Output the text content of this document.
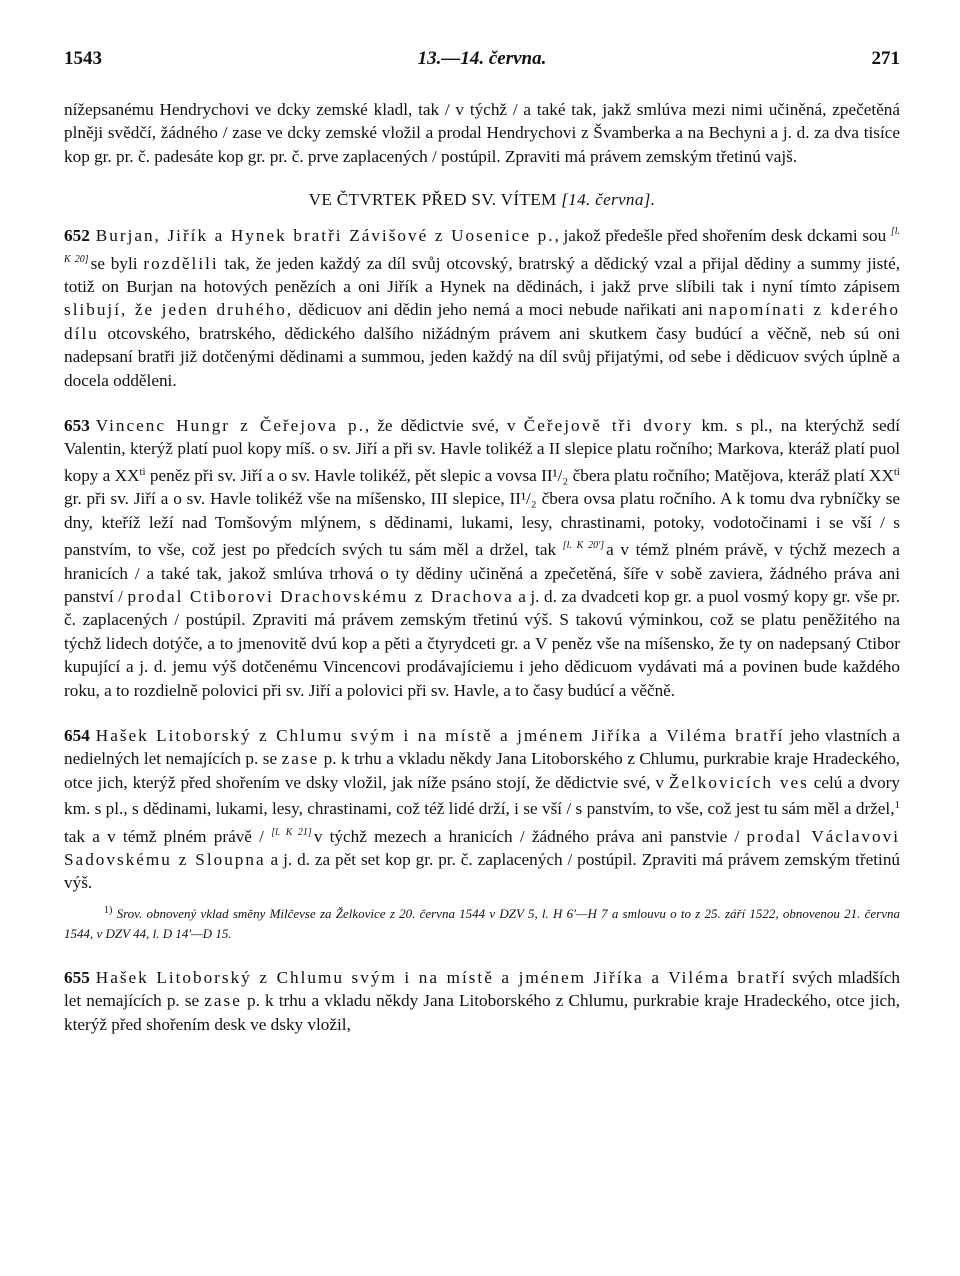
1543	13.—14. června.	271

nížepsanému Hendrychovi ve dcky zemské kladl, tak / v týchž / a také tak, jakž smlúva mezi nimi učiněná, zpečetěná plněji svědčí, žádného / zase ve dcky zemské vložil a prodal Hendrychovi z Švamberka a na Bechyni a j. d. za dva tisíce kop gr. pr. č. padesáte kop gr. pr. č. prve zaplacených / postúpil. Zpraviti má právem zemským třetinú vajš.

VE ČTVRTEK PŘED SV. VÍTEM [14. června].

652 Burjan, Jiřík a Hynek bratři Závišové z Uosenice p., jakož předešle před shořením desk dckami sou [l. K 20] se byli rozdělili tak, že jeden každý za díl svůj otcovský, bratrský a dědický vzal a přijal dědiny a summy jisté, totiž on Burjan na hotových penězích a oni Jiřík a Hynek na dědinách, i jakž prve slíbili tak i nyní tímto zápisem slibují, že jeden druhého, dědicuov ani dědin jeho nemá a moci nebude nařikati ani napomínati z kderého dílu otcovského, bratrského, dědického dalšího nižádným právem ani skutkem časy budúcí a věčně, neb sú oni nadepsaní bratři již dotčenými dědinami a summou, jeden každý na díl svůj přijatými, od sebe i dědicuov svých úplně a docela odděleni.

653 Vincenc Hungr z Čeřejova p., že dědictvie své, v Čeřejově tři dvory km. s pl., na kterýchž sedí Valentin, kterýž platí puol kopy míš. o sv. Jiří a při sv. Havle tolikéž a II slepice platu ročního; Markova, kteráž platí puol kopy a $XX^{ti}$ peněz při sv. Jiří a o sv. Havle tolikéž, pět slepic a vovsa II¹/₂ čbera platu ročního; Matějova, kteráž platí $XX^{ti}$ gr. při sv. Jiří a o sv. Havle tolikéž vše na míšensko, III slepice, II¹/₂ čbera ovsa platu ročního. A k tomu dva rybníčky se dny, kteříž leží nad Tomšovým mlýnem, s dědinami, lukami, lesy, chrastinami, potoky, vodotočinami i se vší / s panstvím, to vše, což jest po předcích svých tu sám měl a držel, tak [l. K 20'] a v témž plném právě, v týchž mezech a hranicích / a také tak, jakož smlúva trhová o ty dědiny učiněná a zpečetěná, šíře v sobě zaviera, žádného práva ani panství / prodal Ctiborovi Drachovskému z Drachova a j. d. za dvadceti kop gr. a puol vosmý kopy gr. vše pr. č. zaplacených / postúpil. Zpraviti má právem zemským třetinú výš. S takovú výminkou, což se platu peněžitého na týchž lidech dotýče, a to jmenovitě dvú kop a pěti a čtyrydceti gr. a V peněz vše na míšensko, že ty on nadepsaný Ctibor kupující a j. d. jemu výš dotčenému Vincencovi prodávajíciemu i jeho dědicuom vydávati má a povinen bude každého roku, a to rozdielně polovici při sv. Jiří a polovici při sv. Havle, a to časy budúcí a věčně.

654 Hašek Litoborský z Chlumu svým i na místě a jménem Jiříka a Viléma bratří jeho vlastních a nedielných let nemajících p. se zase p. k trhu a vkladu někdy Jana Litoborského z Chlumu, purkrabie kraje Hradeckého, otce jich, kterýž před shořením ve dsky vložil, jak níže psáno stojí, že dědictvie své, v Želkovicích ves celú a dvory km. s pl., s dědinami, lukami, lesy, chrastinami, což též lidé drží, i se vší / s panstvím, to vše, což jest tu sám měl a držel,$^1$ tak a v témž plném právě / [l. K 21] v týchž mezech a hranicích / žádného práva ani panstvie / prodal Václavovi Sadovskému z Sloupna a j. d. za pět set kop gr. pr. č. zaplacených / postúpil. Zpraviti má právem zemským třetinú výš.

$^{1)}$ Srov. obnovený vklad směny Milčevse za Želkovice z 20. června 1544 v DZV 5, l. H 6'—H 7 a smlouvu o to z 25. září 1522, obnovenou 21. června 1544, v DZV 44, l. D 14'—D 15.

655 Hašek Litoborský z Chlumu svým i na místě a jménem Jiříka a Viléma bratří svých mladších let nemajících p. se zase p. k trhu a vkladu někdy Jana Litoborského z Chlumu, purkrabie kraje Hradeckého, otce jich, kterýž před shořením desk ve dsky vložil,
